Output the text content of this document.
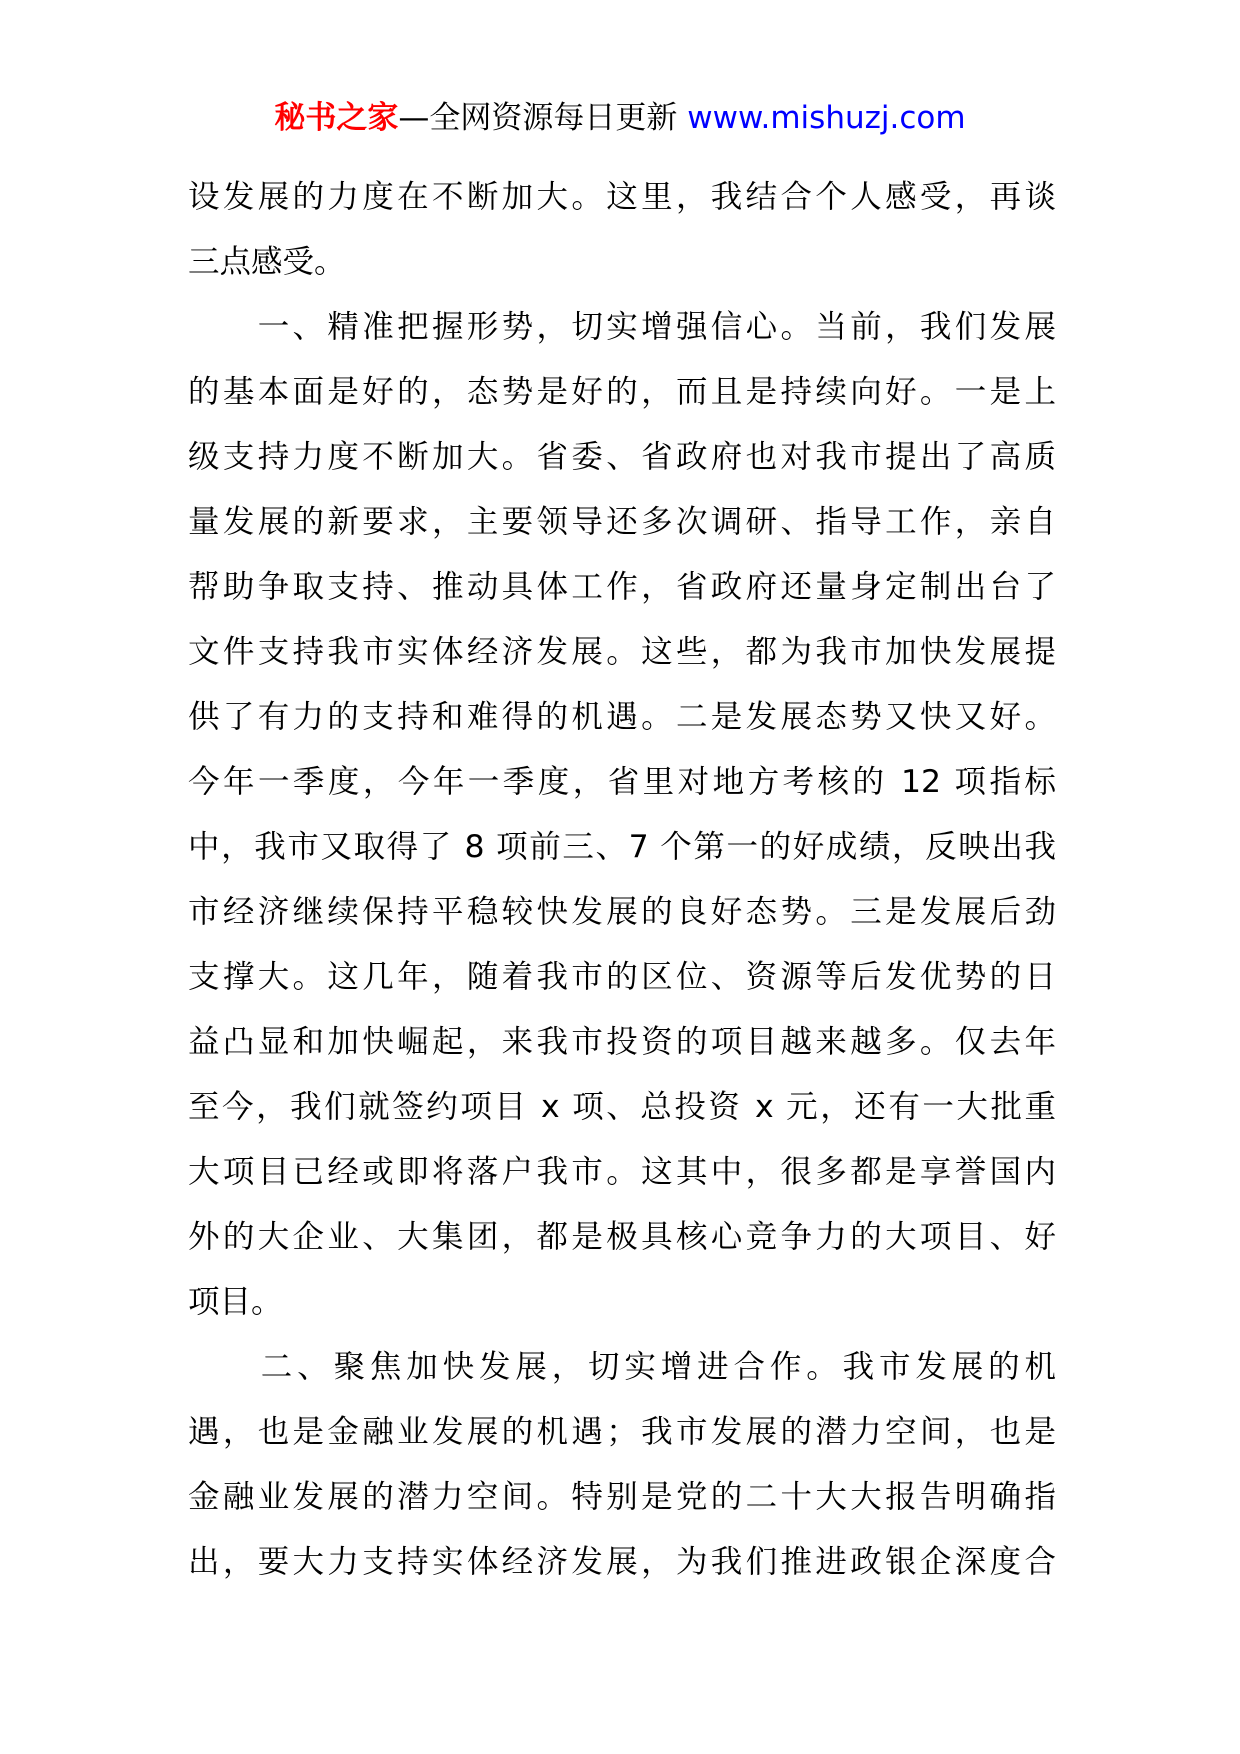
秘书之家—全网资源每日更新 www.mishuzj.com
设发展的力度在不断加大。这里，我结合个人感受，再谈
三点感受。
　　一、精准把握形势，切实增强信心。当前，我们发展
的基本面是好的，态势是好的，而且是持续向好。一是上
级支持力度不断加大。省委、省政府也对我市提出了高质
量发展的新要求，主要领导还多次调研、指导工作，亲自
帮助争取支持、推动具体工作，省政府还量身定制出台了
文件支持我市实体经济发展。这些，都为我市加快发展提
供了有力的支持和难得的机遇。二是发展态势又快又好。
今年一季度，今年一季度，省里对地方考核的 12 项指标
中，我市又取得了 8 项前三、7 个第一的好成绩，反映出我
市经济继续保持平稳较快发展的良好态势。三是发展后劲
支撑大。这几年，随着我市的区位、资源等后发优势的日
益凸显和加快崛起，来我市投资的项目越来越多。仅去年
至今，我们就签约项目 x 项、总投资 x 元，还有一大批重
大项目已经或即将落户我市。这其中，很多都是享誉国内
外的大企业、大集团，都是极具核心竞争力的大项目、好
项目。
　　二、聚焦加快发展，切实增进合作。我市发展的机
遇，也是金融业发展的机遇；我市发展的潜力空间，也是
金融业发展的潜力空间。特别是党的二十大大报告明确指
出，要大力支持实体经济发展，为我们推进政银企深度合
